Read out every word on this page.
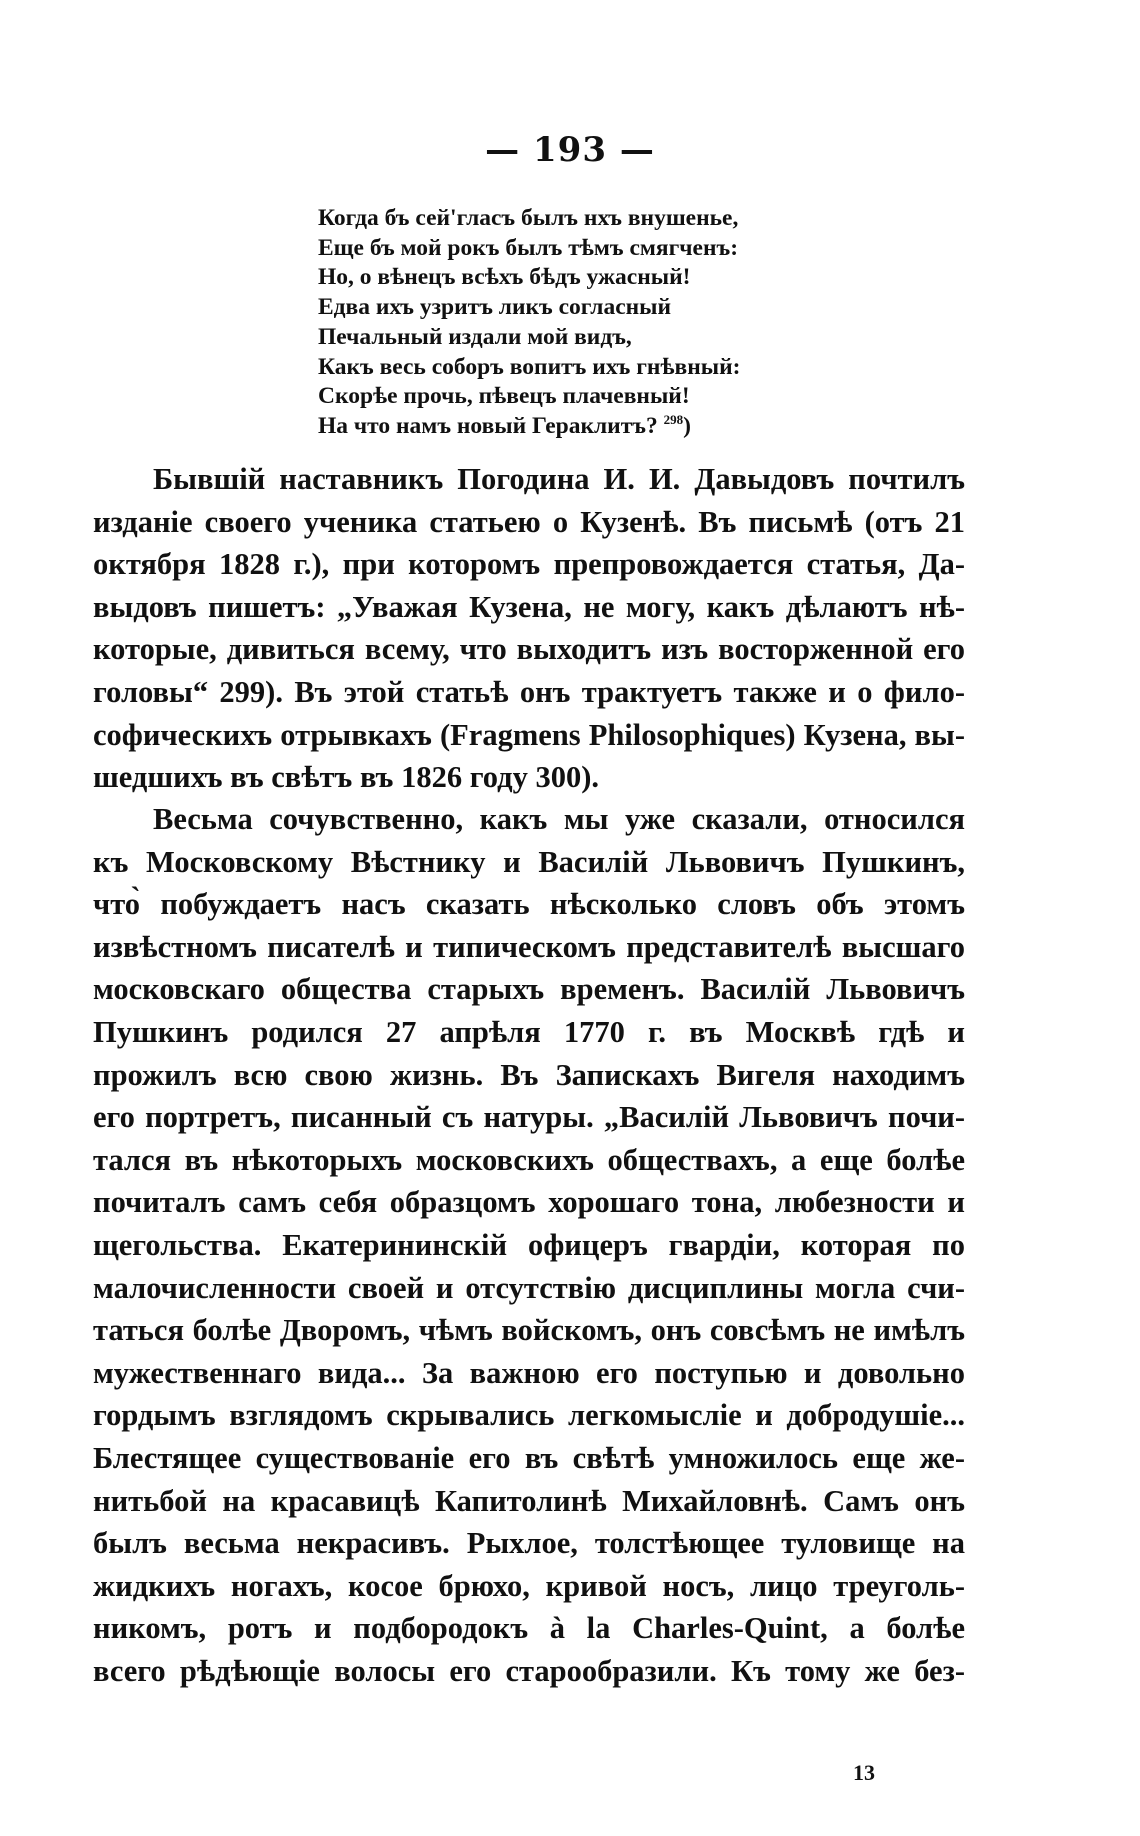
— 193 —
Когда бъ сей'гласъ былъ нхъ внушенье,
Еще бъ мой рокъ былъ тѣмъ смягченъ:
Но, о вѣнецъ всѣхъ бѣдъ ужасный!
Едва ихъ узритъ ликъ согласный
Печальный издали мой видъ,
Какъ весь соборъ вопитъ ихъ гнѣвный:
Скорѣе прочь, пѣвецъ плачевный!
На что намъ новый Гераклитъ? $^{298}$)
Бывшій наставникъ Погодина И. И. Давыдовъ почтилъ
изданіе своего ученика статьею о Кузенѣ. Въ письмѣ (отъ 21
октября 1828 г.), при которомъ препровождается статья, Да-
выдовъ пишетъ: „Уважая Кузена, не могу, какъ дѣлаютъ нѣ-
которые, дивиться всему, что выходитъ изъ восторженной его
головы“ 299). Въ этой статьѣ онъ трактуетъ также и о фило-
софическихъ отрывкахъ (Fragmens Philosophiques) Кузена, вы-
шедшихъ въ свѣтъ въ 1826 году 300).
Весьма сочувственно, какъ мы уже сказали, относился
къ Московскому Вѣстнику и Василій Львовичъ Пушкинъ,
что̀ побуждаетъ насъ сказать нѣсколько словъ объ этомъ
извѣстномъ писателѣ и типическомъ представителѣ высшаго
московскаго общества старыхъ временъ. Василій Львовичъ
Пушкинъ родился 27 апрѣля 1770 г. въ Москвѣ гдѣ и
прожилъ всю свою жизнь. Въ Запискахъ Вигеля находимъ
его портретъ, писанный съ натуры. „Василій Львовичъ почи-
тался въ нѣкоторыхъ московскихъ обществахъ, а еще болѣе
почиталъ самъ себя образцомъ хорошаго тона, любезности и
щегольства. Екатерининскій офицеръ гвардіи, которая по
малочисленности своей и отсутствію дисциплины могла счи-
таться болѣе Дворомъ, чѣмъ войскомъ, онъ совсѣмъ не имѣлъ
мужественнаго вида... За важною его поступью и довольно
гордымъ взглядомъ скрывались легкомысліе и добродушіе...
Блестящее существованіе его въ свѣтѣ умножилось еще же-
нитьбой на красавицѣ Капитолинѣ Михайловнѣ. Самъ онъ
былъ весьма некрасивъ. Рыхлое, толстѣющее туловище на
жидкихъ ногахъ, косое брюхо, кривой носъ, лицо треуголь-
никомъ, ротъ и подбородокъ à la Charles-Quint, а болѣе
всего рѣдѣющіе волосы его старообразили. Къ тому же без-
13
